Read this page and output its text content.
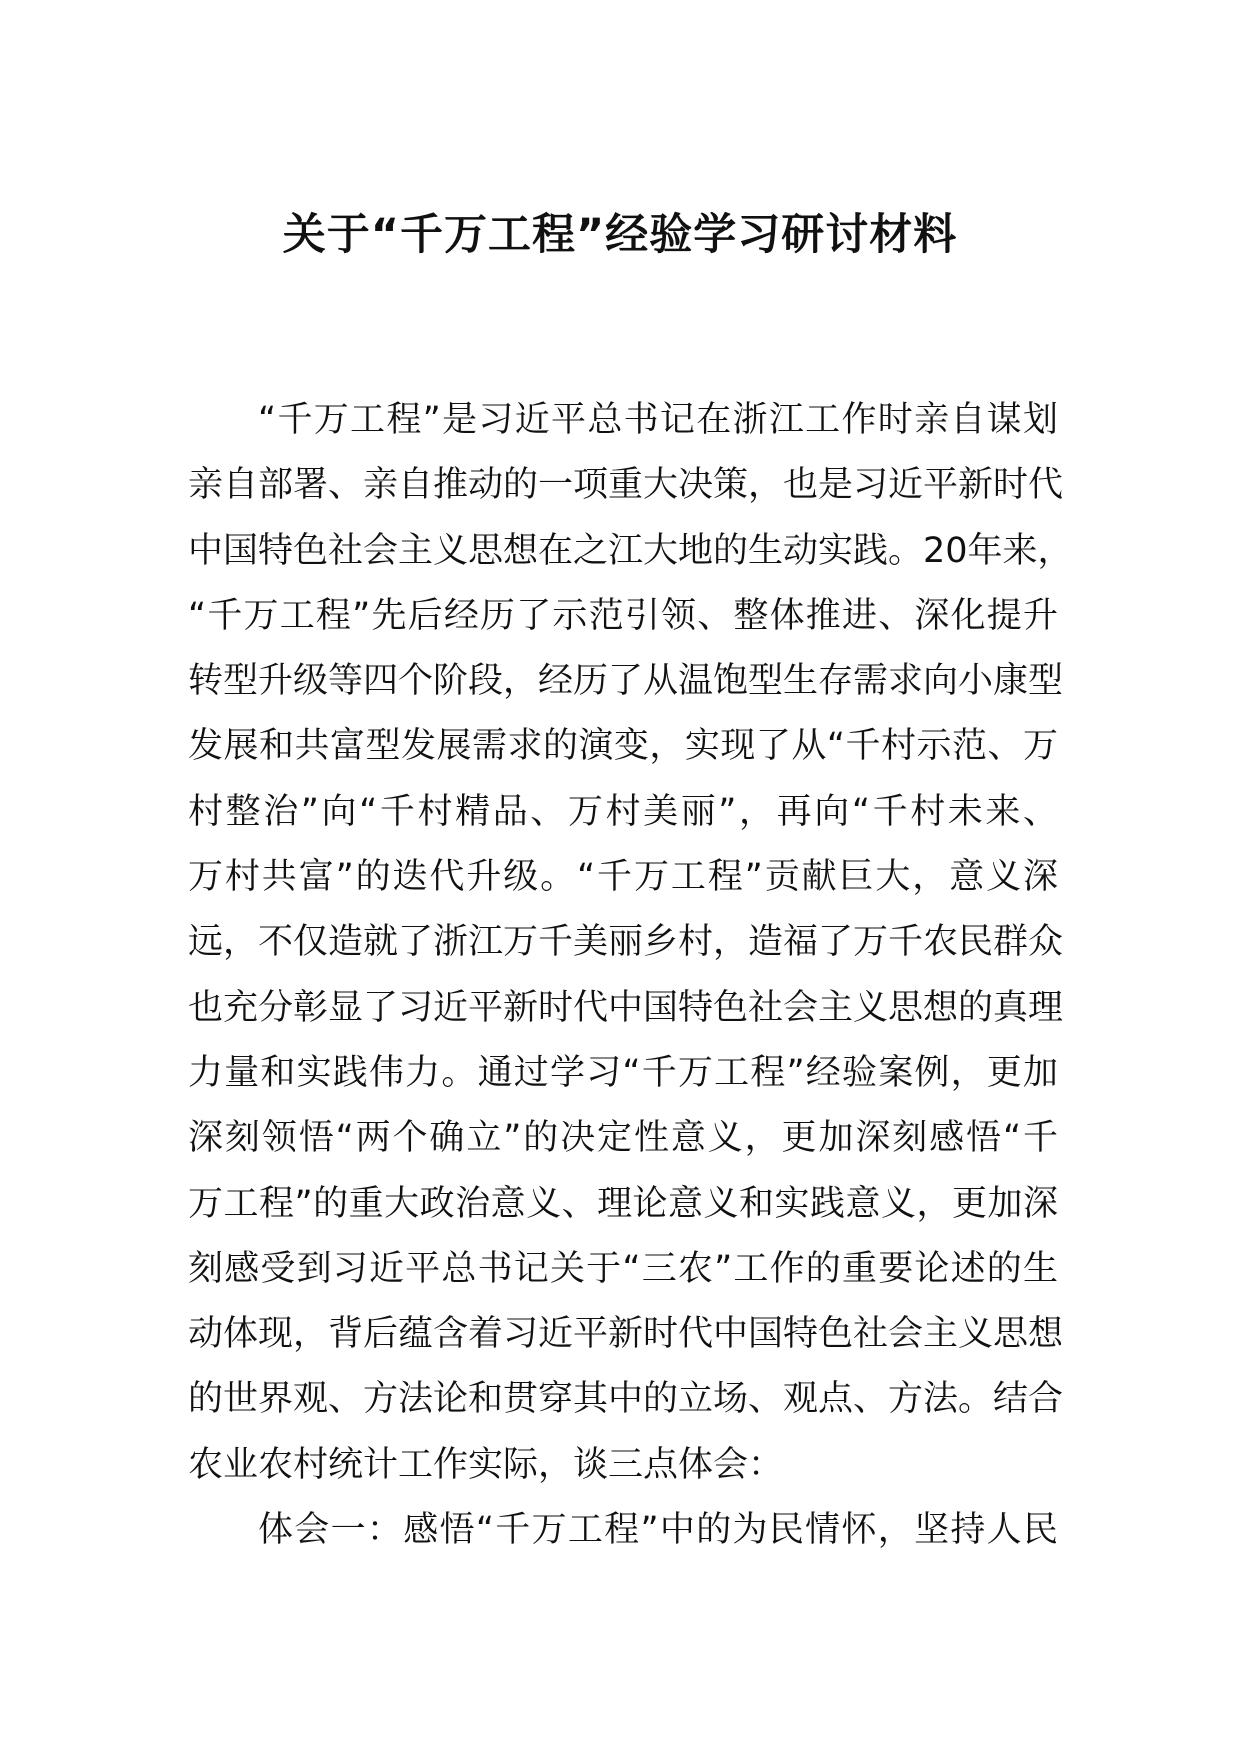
关于“千万工程”经验学习研讨材料
“千万工程”是习近平总书记在浙江工作时亲自谋划
亲自部署、亲自推动的一项重大决策，也是习近平新时代
中国特色社会主义思想在之江大地的生动实践。20年来，
“千万工程”先后经历了示范引领、整体推进、深化提升
转型升级等四个阶段，经历了从温饱型生存需求向小康型
发展和共富型发展需求的演变，实现了从“千村示范、万
村整治”向“千村精品、万村美丽”，再向“千村未来、
万村共富”的迭代升级。“千万工程”贡献巨大，意义深
远，不仅造就了浙江万千美丽乡村，造福了万千农民群众
也充分彰显了习近平新时代中国特色社会主义思想的真理
力量和实践伟力。通过学习“千万工程”经验案例，更加
深刻领悟“两个确立”的决定性意义，更加深刻感悟“千
万工程”的重大政治意义、理论意义和实践意义，更加深
刻感受到习近平总书记关于“三农”工作的重要论述的生
动体现，背后蕴含着习近平新时代中国特色社会主义思想
的世界观、方法论和贯穿其中的立场、观点、方法。结合
农业农村统计工作实际，谈三点体会：
体会一：感悟“千万工程”中的为民情怀，坚持人民
